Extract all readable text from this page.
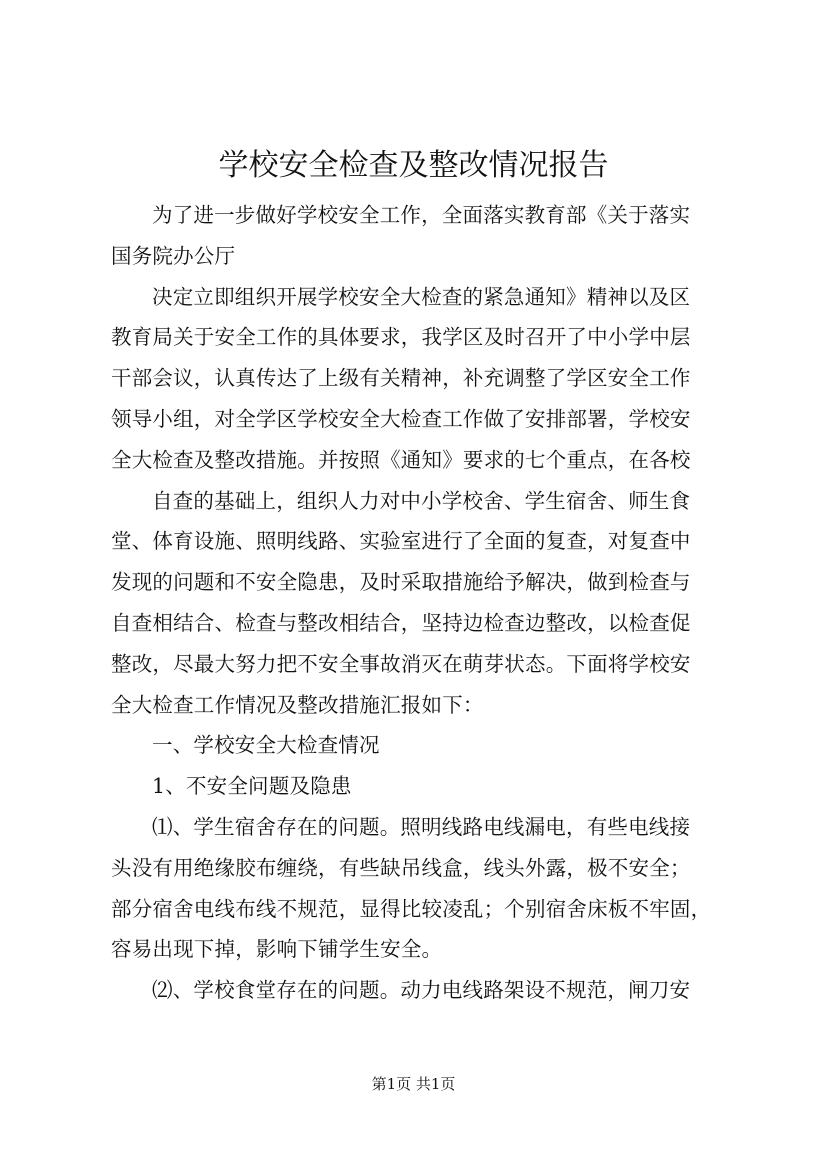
学校安全检查及整改情况报告
为了进一步做好学校安全工作，全面落实教育部《关于落实
国务院办公厅
决定立即组织开展学校安全大检查的紧急通知》精神以及区
教育局关于安全工作的具体要求，我学区及时召开了中小学中层
干部会议，认真传达了上级有关精神，补充调整了学区安全工作
领导小组，对全学区学校安全大检查工作做了安排部署，学校安
全大检查及整改措施。并按照《通知》要求的七个重点，在各校
自查的基础上，组织人力对中小学校舍、学生宿舍、师生食
堂、体育设施、照明线路、实验室进行了全面的复查，对复查中
发现的问题和不安全隐患，及时采取措施给予解决，做到检查与
自查相结合、检查与整改相结合，坚持边检查边整改，以检查促
整改，尽最大努力把不安全事故消灭在萌芽状态。下面将学校安
全大检查工作情况及整改措施汇报如下：
一、学校安全大检查情况
1、不安全问题及隐患
⑴、学生宿舍存在的问题。照明线路电线漏电，有些电线接
头没有用绝缘胶布缠绕，有些缺吊线盒，线头外露，极不安全；
部分宿舍电线布线不规范，显得比较凌乱；个别宿舍床板不牢固，
容易出现下掉，影响下铺学生安全。
⑵、学校食堂存在的问题。动力电线路架设不规范，闸刀安
第1页 共1页
